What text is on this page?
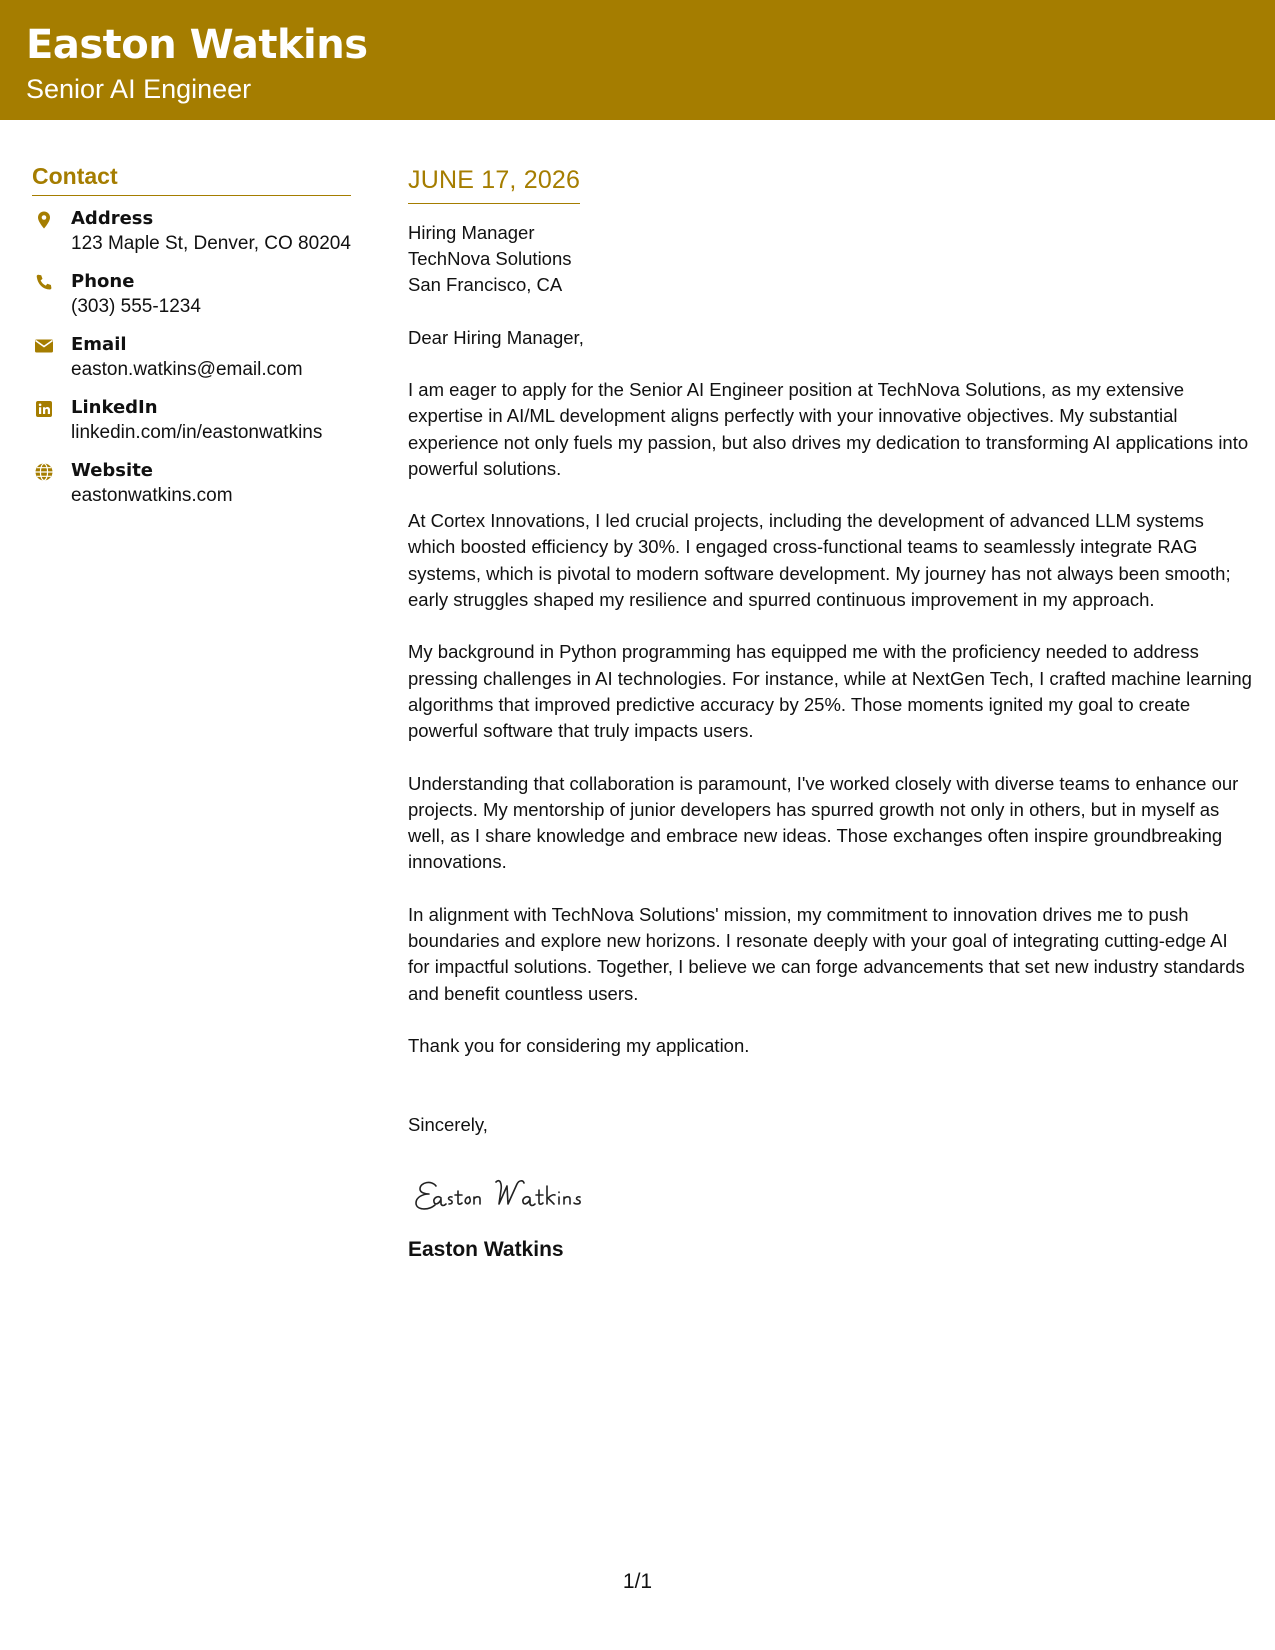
Easton Watkins
Senior AI Engineer
Contact
Address
123 Maple St, Denver, CO 80204
Phone
(303) 555-1234
Email
easton.watkins@email.com
LinkedIn
linkedin.com/in/eastonwatkins
Website
eastonwatkins.com
JUNE 17, 2026
Hiring Manager
TechNova Solutions
San Francisco, CA
Dear Hiring Manager,

I am eager to apply for the Senior AI Engineer position at TechNova Solutions, as my extensive expertise in AI/ML development aligns perfectly with your innovative objectives. My substantial experience not only fuels my passion, but also drives my dedication to transforming AI applications into powerful solutions.

At Cortex Innovations, I led crucial projects, including the development of advanced LLM systems which boosted efficiency by 30%. I engaged cross-functional teams to seamlessly integrate RAG systems, which is pivotal to modern software development. My journey has not always been smooth; early struggles shaped my resilience and spurred continuous improvement in my approach.

My background in Python programming has equipped me with the proficiency needed to address pressing challenges in AI technologies. For instance, while at NextGen Tech, I crafted machine learning algorithms that improved predictive accuracy by 25%. Those moments ignited my goal to create powerful software that truly impacts users.

Understanding that collaboration is paramount, I've worked closely with diverse teams to enhance our projects. My mentorship of junior developers has spurred growth not only in others, but in myself as well, as I share knowledge and embrace new ideas. Those exchanges often inspire groundbreaking innovations.

In alignment with TechNova Solutions' mission, my commitment to innovation drives me to push boundaries and explore new horizons. I resonate deeply with your goal of integrating cutting-edge AI for impactful solutions. Together, I believe we can forge advancements that set new industry standards and benefit countless users.

Thank you for considering my application.

Sincerely,
Easton Watkins
1/1
